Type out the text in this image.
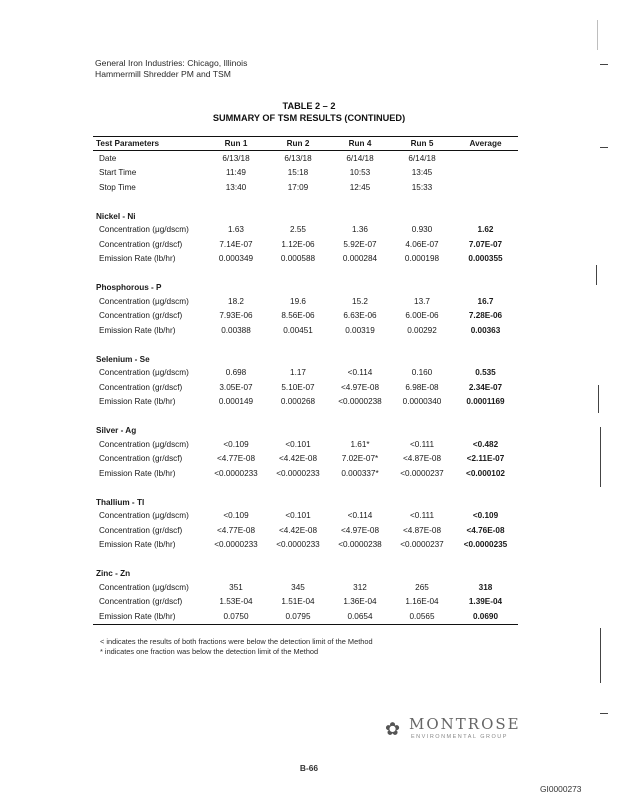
General Iron Industries: Chicago, Illinois
Hammermill Shredder PM and TSM
TABLE 2 – 2
SUMMARY OF TSM RESULTS (CONTINUED)
Test Parameters	Run 1	Run 2	Run 4	Run 5	Average
Date	6/13/18	6/13/18	6/14/18	6/14/18	
Start Time	11:49	15:18	10:53	13:45	
Stop Time	13:40	17:09	12:45	15:33	

Nickel - Ni					
Concentration (μg/dscm)	1.63	2.55	1.36	0.930	1.62
Concentration (gr/dscf)	7.14E-07	1.12E-06	5.92E-07	4.06E-07	7.07E-07
Emission Rate (lb/hr)	0.000349	0.000588	0.000284	0.000198	0.000355

Phosphorous - P					
Concentration (μg/dscm)	18.2	19.6	15.2	13.7	16.7
Concentration (gr/dscf)	7.93E-06	8.56E-06	6.63E-06	6.00E-06	7.28E-06
Emission Rate (lb/hr)	0.00388	0.00451	0.00319	0.00292	0.00363

Selenium - Se					
Concentration (μg/dscm)	0.698	1.17	<0.114	0.160	0.535
Concentration (gr/dscf)	3.05E-07	5.10E-07	<4.97E-08	6.98E-08	2.34E-07
Emission Rate (lb/hr)	0.000149	0.000268	<0.0000238	0.0000340	0.0001169

Silver - Ag					
Concentration (μg/dscm)	<0.109	<0.101	1.61*	<0.111	<0.482
Concentration (gr/dscf)	<4.77E-08	<4.42E-08	7.02E-07*	<4.87E-08	<2.11E-07
Emission Rate (lb/hr)	<0.0000233	<0.0000233	0.000337*	<0.0000237	<0.000102

Thallium - Tl					
Concentration (μg/dscm)	<0.109	<0.101	<0.114	<0.111	<0.109
Concentration (gr/dscf)	<4.77E-08	<4.42E-08	<4.97E-08	<4.87E-08	<4.76E-08
Emission Rate (lb/hr)	<0.0000233	<0.0000233	<0.0000238	<0.0000237	<0.0000235

Zinc - Zn					
Concentration (μg/dscm)	351	345	312	265	318
Concentration (gr/dscf)	1.53E-04	1.51E-04	1.36E-04	1.16E-04	1.39E-04
Emission Rate (lb/hr)	0.0750	0.0795	0.0654	0.0565	0.0690
< indicates the results of both fractions were below the detection limit of the Method
* indicates one fraction was below the detection limit of the Method
✿ MONTROSE
ENVIRONMENTAL GROUP
B-66
GI0000273
